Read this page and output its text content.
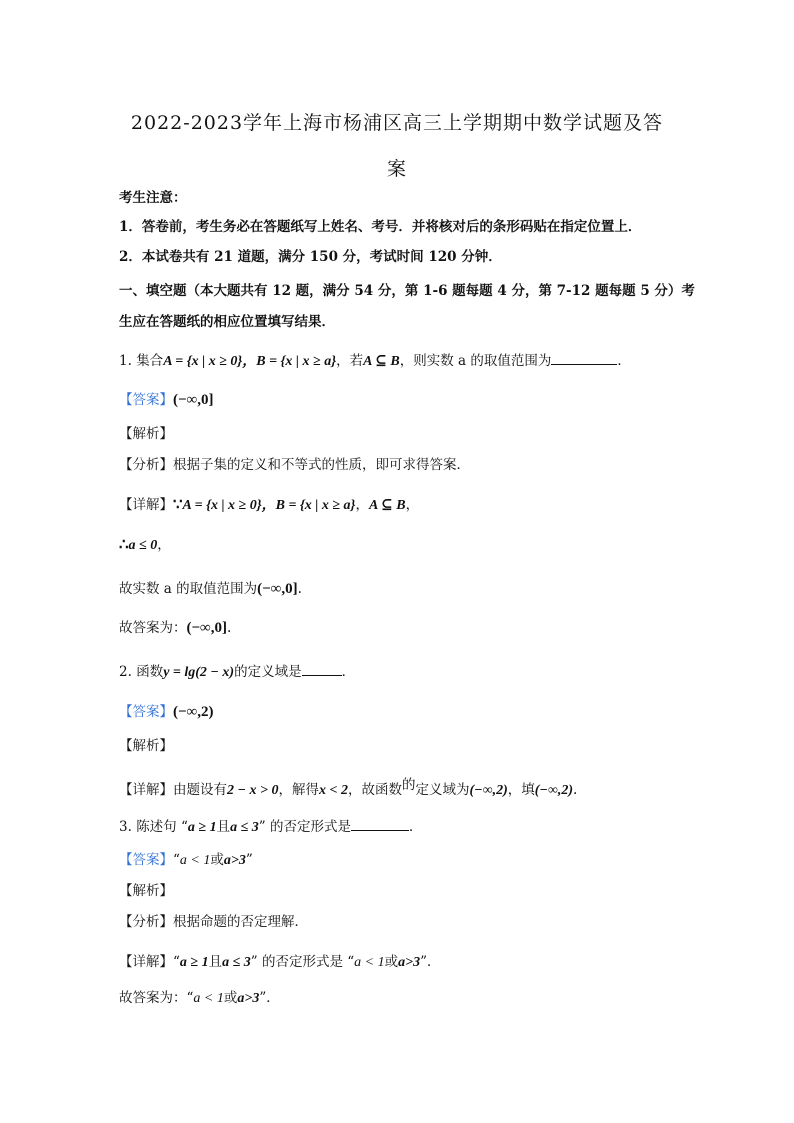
2022-2023学年上海市杨浦区高三上学期期中数学试题及答
案
考生注意：
1．答卷前，考生务必在答题纸写上姓名、考号．并将核对后的条形码贴在指定位置上．
2．本试卷共有 21 道题，满分 150 分，考试时间 120 分钟．
一、填空题（本大题共有 12 题，满分 54 分，第 1-6 题每题 4 分，第 7-12 题每题 5 分）考
生应在答题纸的相应位置填写结果．
1. 集合A = {x | x ≥ 0}，B = {x | x ≥ a}，若A ⊆ B，则实数 a 的取值范围为	．
【答案】(−∞,0]
【解析】
【分析】根据子集的定义和不等式的性质，即可求得答案．
【详解】∵A = {x | x ≥ 0}，B = {x | x ≥ a}，A ⊆ B，
∴a ≤ 0，
故实数 a 的取值范围为(−∞,0].
故答案为：(−∞,0].
2. 函数y = lg(2 − x)的定义域是	．
【答案】(−∞,2)
【解析】
【详解】由题设有2 − x > 0，解得x < 2，故函数的定义域为(−∞,2)，填(−∞,2).
3. 陈述句 “a ≥ 1且a ≤ 3” 的否定形式是	．
【答案】“a < 1或a>3”
【解析】
【分析】根据命题的否定理解．
【详解】“a ≥ 1且a ≤ 3” 的否定形式是 “a < 1或a>3”．
故答案为：“a < 1或a>3”．
